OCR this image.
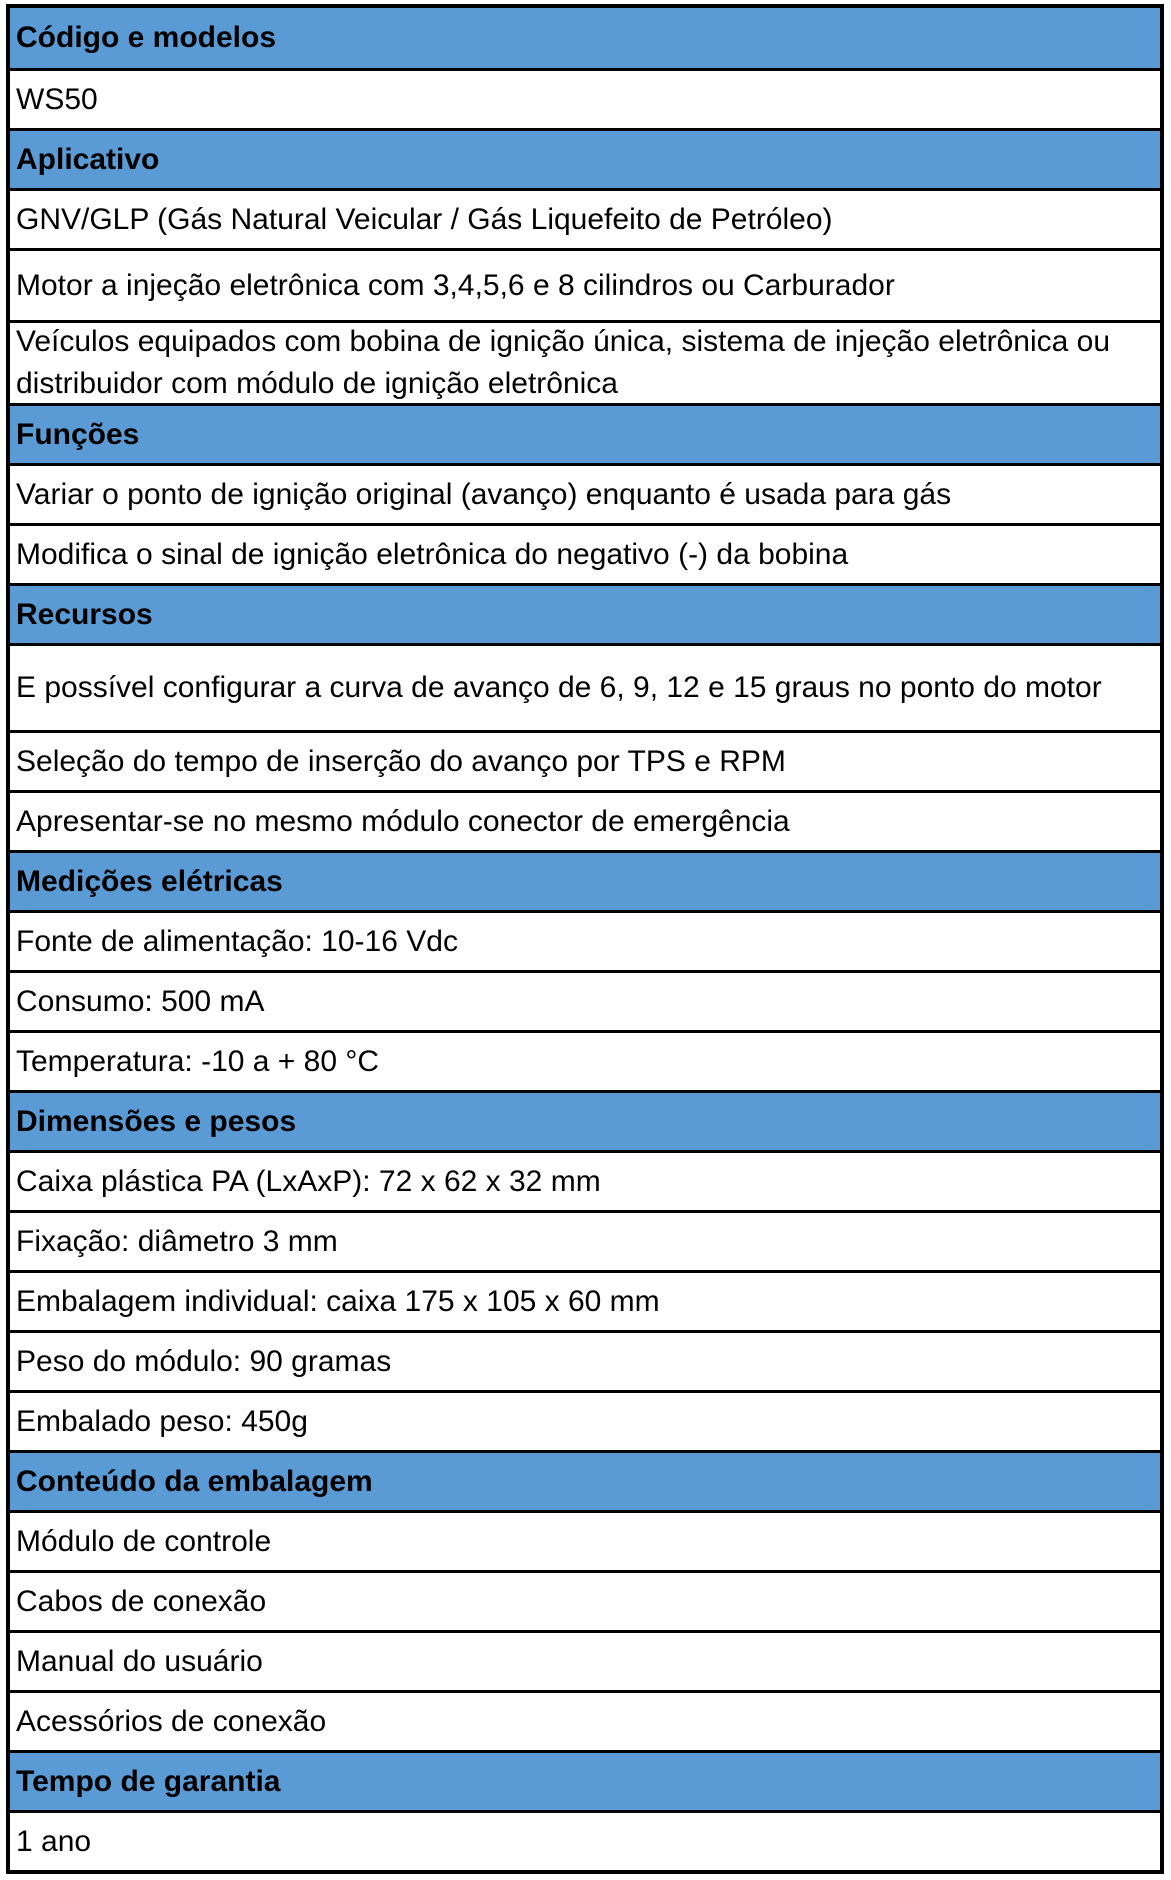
Código e modelos
WS50
Aplicativo
GNV/GLP (Gás Natural Veicular / Gás Liquefeito de Petróleo)
Motor a injeção eletrônica com 3,4,5,6 e 8 cilindros ou Carburador
Veículos equipados com bobina de ignição única, sistema de injeção eletrônica ou distribuidor com módulo de ignição eletrônica
Funções
Variar o ponto de ignição original (avanço) enquanto é usada para gás
Modifica o sinal de ignição eletrônica do negativo (-) da bobina
Recursos
E possível configurar a curva de avanço de 6, 9, 12 e 15 graus no ponto do motor
Seleção do tempo de inserção do avanço por TPS e RPM
Apresentar-se no mesmo módulo conector de emergência
Medições elétricas
Fonte de alimentação: 10-16 Vdc
Consumo: 500 mA
Temperatura: -10 a + 80 °C
Dimensões e pesos
Caixa plástica PA (LxAxP): 72 x 62 x 32 mm
Fixação: diâmetro 3 mm
Embalagem individual: caixa 175 x 105 x 60 mm
Peso do módulo: 90 gramas
Embalado peso: 450g
Conteúdo da embalagem
Módulo de controle
Cabos de conexão
Manual do usuário
Acessórios de conexão
Tempo de garantia
1 ano
